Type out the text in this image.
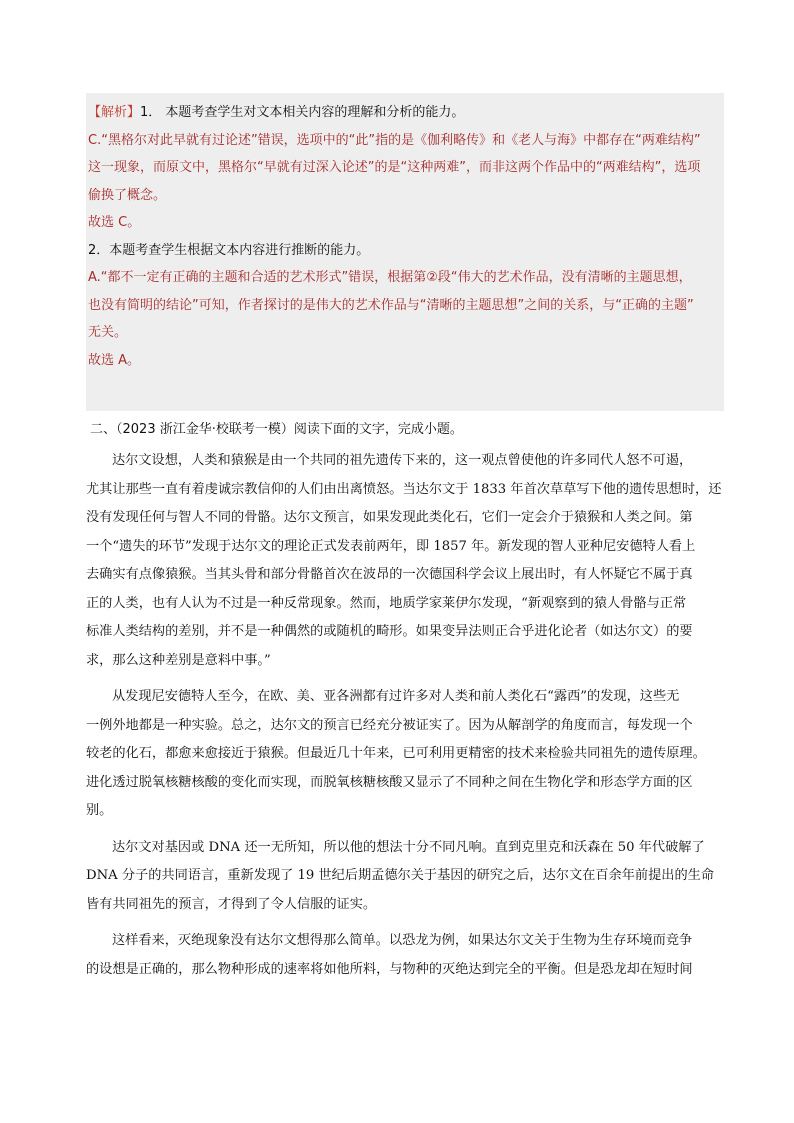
【解析】1． 本题考查学生对文本相关内容的理解和分析的能力。
C.“黑格尔对此早就有过论述”错误，选项中的“此”指的是《伽利略传》和《老人与海》中都存在“两难结构”
这一现象，而原文中，黑格尔“早就有过深入论述”的是“这种两难”，而非这两个作品中的“两难结构”，选项
偷换了概念。
故选 C。
2．本题考查学生根据文本内容进行推断的能力。
A.“都不一定有正确的主题和合适的艺术形式”错误，根据第②段“伟大的艺术作品，没有清晰的主题思想，
也没有简明的结论”可知，作者探讨的是伟大的艺术作品与“清晰的主题思想”之间的关系，与“正确的主题”
无关。
故选 A。
二、（2023 浙江金华·校联考一模）阅读下面的文字，完成小题。
达尔文设想，人类和猿猴是由一个共同的祖先遗传下来的，这一观点曾使他的许多同代人怒不可遏，
尤其让那些一直有着虔诚宗教信仰的人们由出离愤怒。当达尔文于 1833 年首次草草写下他的遗传思想时，还
没有发现任何与智人不同的骨骼。达尔文预言，如果发现此类化石，它们一定会介于猿猴和人类之间。第
一个“遗失的环节”发现于达尔文的理论正式发表前两年，即 1857 年。新发现的智人亚种尼安德特人看上
去确实有点像猿猴。当其头骨和部分骨骼首次在波昂的一次德国科学会议上展出时，有人怀疑它不属于真
正的人类，也有人认为不过是一种反常现象。然而，地质学家莱伊尔发现，“新观察到的猿人骨骼与正常
标准人类结构的差别，并不是一种偶然的或随机的畸形。如果变异法则正合乎进化论者（如达尔文）的要
求，那么这种差别是意料中事。”
从发现尼安德特人至今，在欧、美、亚各洲都有过许多对人类和前人类化石“露西”的发现，这些无
一例外地都是一种实验。总之，达尔文的预言已经充分被证实了。因为从解剖学的角度而言，每发现一个
较老的化石，都愈来愈接近于猿猴。但最近几十年来，已可利用更精密的技术来检验共同祖先的遗传原理。
进化透过脱氧核糖核酸的变化而实现，而脱氧核糖核酸又显示了不同种之间在生物化学和形态学方面的区
别。
达尔文对基因或 DNA 还一无所知，所以他的想法十分不同凡响。直到克里克和沃森在 50 年代破解了
DNA 分子的共同语言，重新发现了 19 世纪后期孟德尔关于基因的研究之后，达尔文在百余年前提出的生命
皆有共同祖先的预言，才得到了令人信服的证实。
这样看来，灭绝现象没有达尔文想得那么简单。以恐龙为例，如果达尔文关于生物为生存环境而竞争
的设想是正确的，那么物种形成的速率将如他所料，与物种的灭绝达到完全的平衡。但是恐龙却在短时间
